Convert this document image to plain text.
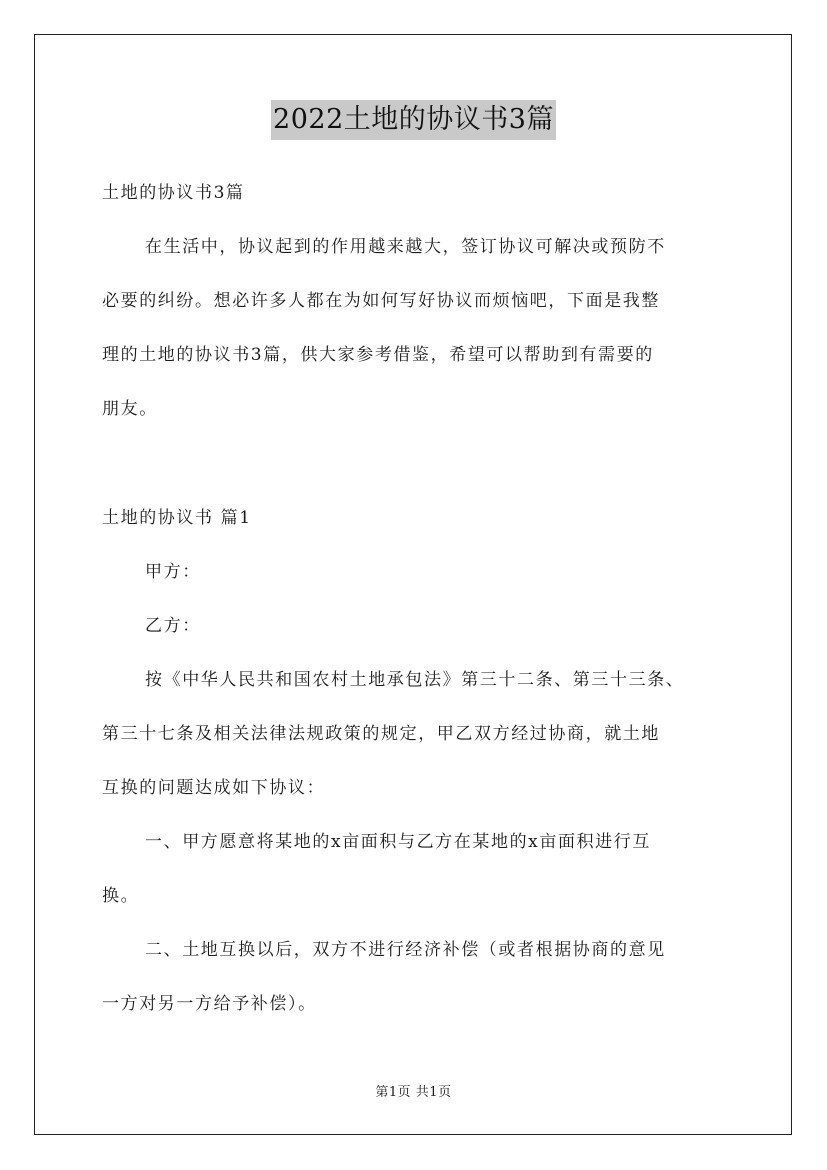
2022土地的协议书3篇
土地的协议书3篇
在生活中，协议起到的作用越来越大，签订协议可解决或预防不
必要的纠纷。想必许多人都在为如何写好协议而烦恼吧，下面是我整
理的土地的协议书3篇，供大家参考借鉴，希望可以帮助到有需要的
朋友。
土地的协议书 篇1
甲方：
乙方：
按《中华人民共和国农村土地承包法》第三十二条、第三十三条、
第三十七条及相关法律法规政策的规定，甲乙双方经过协商，就土地
互换的问题达成如下协议：
一、甲方愿意将某地的x亩面积与乙方在某地的x亩面积进行互
换。
二、土地互换以后，双方不进行经济补偿（或者根据协商的意见
一方对另一方给予补偿）。
第1页 共1页
